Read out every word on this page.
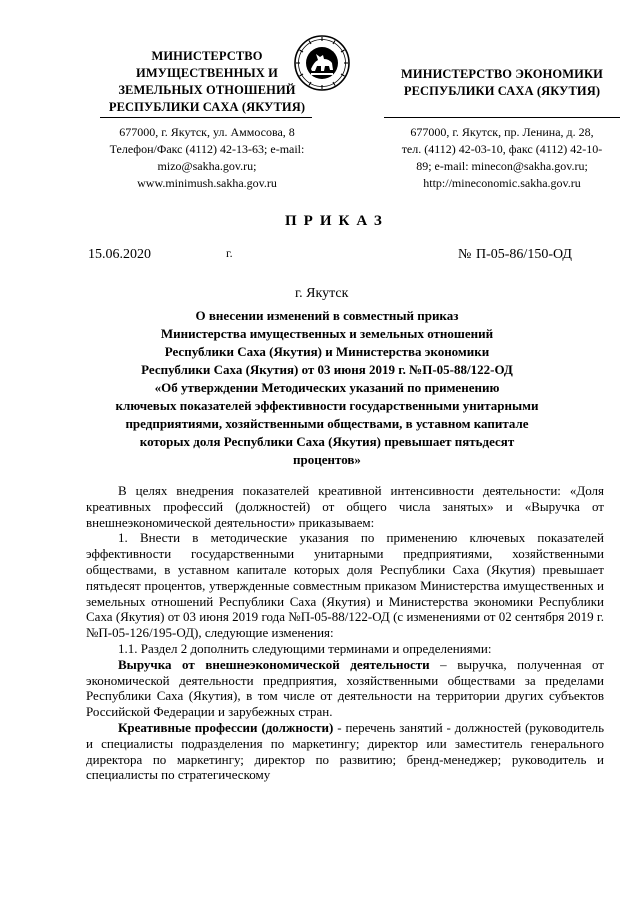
МИНИСТЕРСТВО
ИМУЩЕСТВЕННЫХ И
ЗЕМЕЛЬНЫХ ОТНОШЕНИЙ
РЕСПУБЛИКИ САХА (ЯКУТИЯ)
677000, г. Якутск, ул. Аммосова, 8
Телефон/Факс (4112) 42-13-63; e-mail:
mizo@sakha.gov.ru;
www.minimush.sakha.gov.ru
МИНИСТЕРСТВО ЭКОНОМИКИ
РЕСПУБЛИКИ САХА (ЯКУТИЯ)
677000, г. Якутск, пр. Ленина, д. 28,
тел. (4112) 42-03-10, факс (4112) 42-10-
89; e-mail: minecon@sakha.gov.ru;
http://mineconomic.sakha.gov.ru
ПРИКАЗ
15.06.2020	г.	№ П-05-86/150-ОД
г. Якутск
О внесении изменений в совместный приказ
Министерства имущественных и земельных отношений
Республики Саха (Якутия) и Министерства экономики
Республики Саха (Якутия) от 03 июня 2019 г. №П-05-88/122-ОД
«Об утверждении Методических указаний по применению
ключевых показателей эффективности государственными унитарными
предприятиями, хозяйственными обществами, в уставном капитале
которых доля Республики Саха (Якутия) превышает пятьдесят
процентов»

В целях внедрения показателей креативной интенсивности деятельности: «Доля креативных профессий (должностей) от общего числа занятых» и «Выручка от внешнеэкономической деятельности» приказываем:

1. Внести в методические указания по применению ключевых показателей эффективности государственными унитарными предприятиями, хозяйственными обществами, в уставном капитале которых доля Республики Саха (Якутия) превышает пятьдесят процентов, утвержденные совместным приказом Министерства имущественных и земельных отношений Республики Саха (Якутия) и Министерства экономики Республики Саха (Якутия) от 03 июня 2019 года №П-05-88/122-ОД (с изменениями от 02 сентября 2019 г. №П-05-126/195-ОД), следующие изменения:

1.1. Раздел 2 дополнить следующими терминами и определениями:

Выручка от внешнеэкономической деятельности – выручка, полученная от экономической деятельности предприятия, хозяйственными обществами за пределами Республики Саха (Якутия), в том числе от деятельности на территории других субъектов Российской Федерации и зарубежных стран.

Креативные профессии (должности) - перечень занятий - должностей (руководитель и специалисты подразделения по маркетингу; директор или заместитель генерального директора по маркетингу; директор по развитию; бренд-менеджер; руководитель и специалисты по стратегическому
